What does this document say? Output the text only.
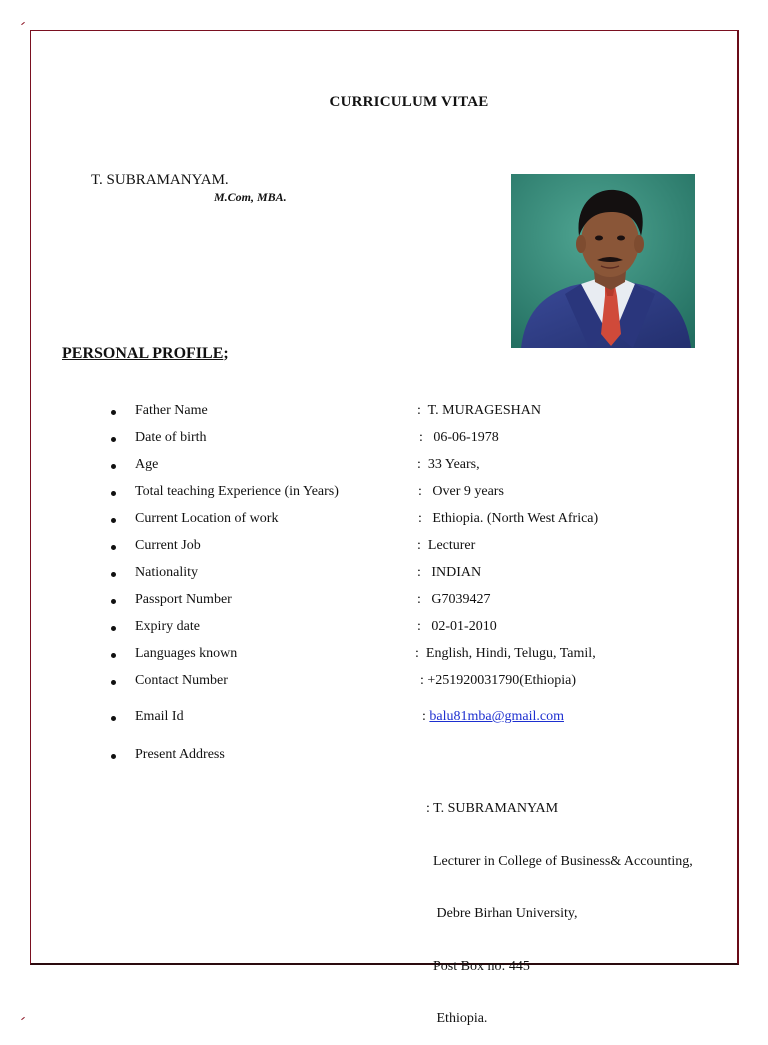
CURRICULUM VITAE
T. SUBRAMANYAM.
M.Com, MBA.
PERSONAL PROFILE;
Father Name	:  T. MURAGESHAN
Date of birth	:   06-06-1978
Age	:  33 Years,
Total teaching Experience (in Years)	:   Over 9 years
Current Location of work	:   Ethiopia. (North West Africa)
Current Job	:  Lecturer
Nationality	:   INDIAN
Passport Number	:   G7039427
Expiry date	:   02-01-2010
Languages known	:  English, Hindi, Telugu, Tamil,
Contact Number	: +251920031790(Ethiopia)
Email Id	: balu81mba@gmail.com
Present Address

: T. SUBRAMANYAM

Lecturer in College of Business& Accounting,

Debre Birhan University,

Post Box no: 445

Ethiopia.
